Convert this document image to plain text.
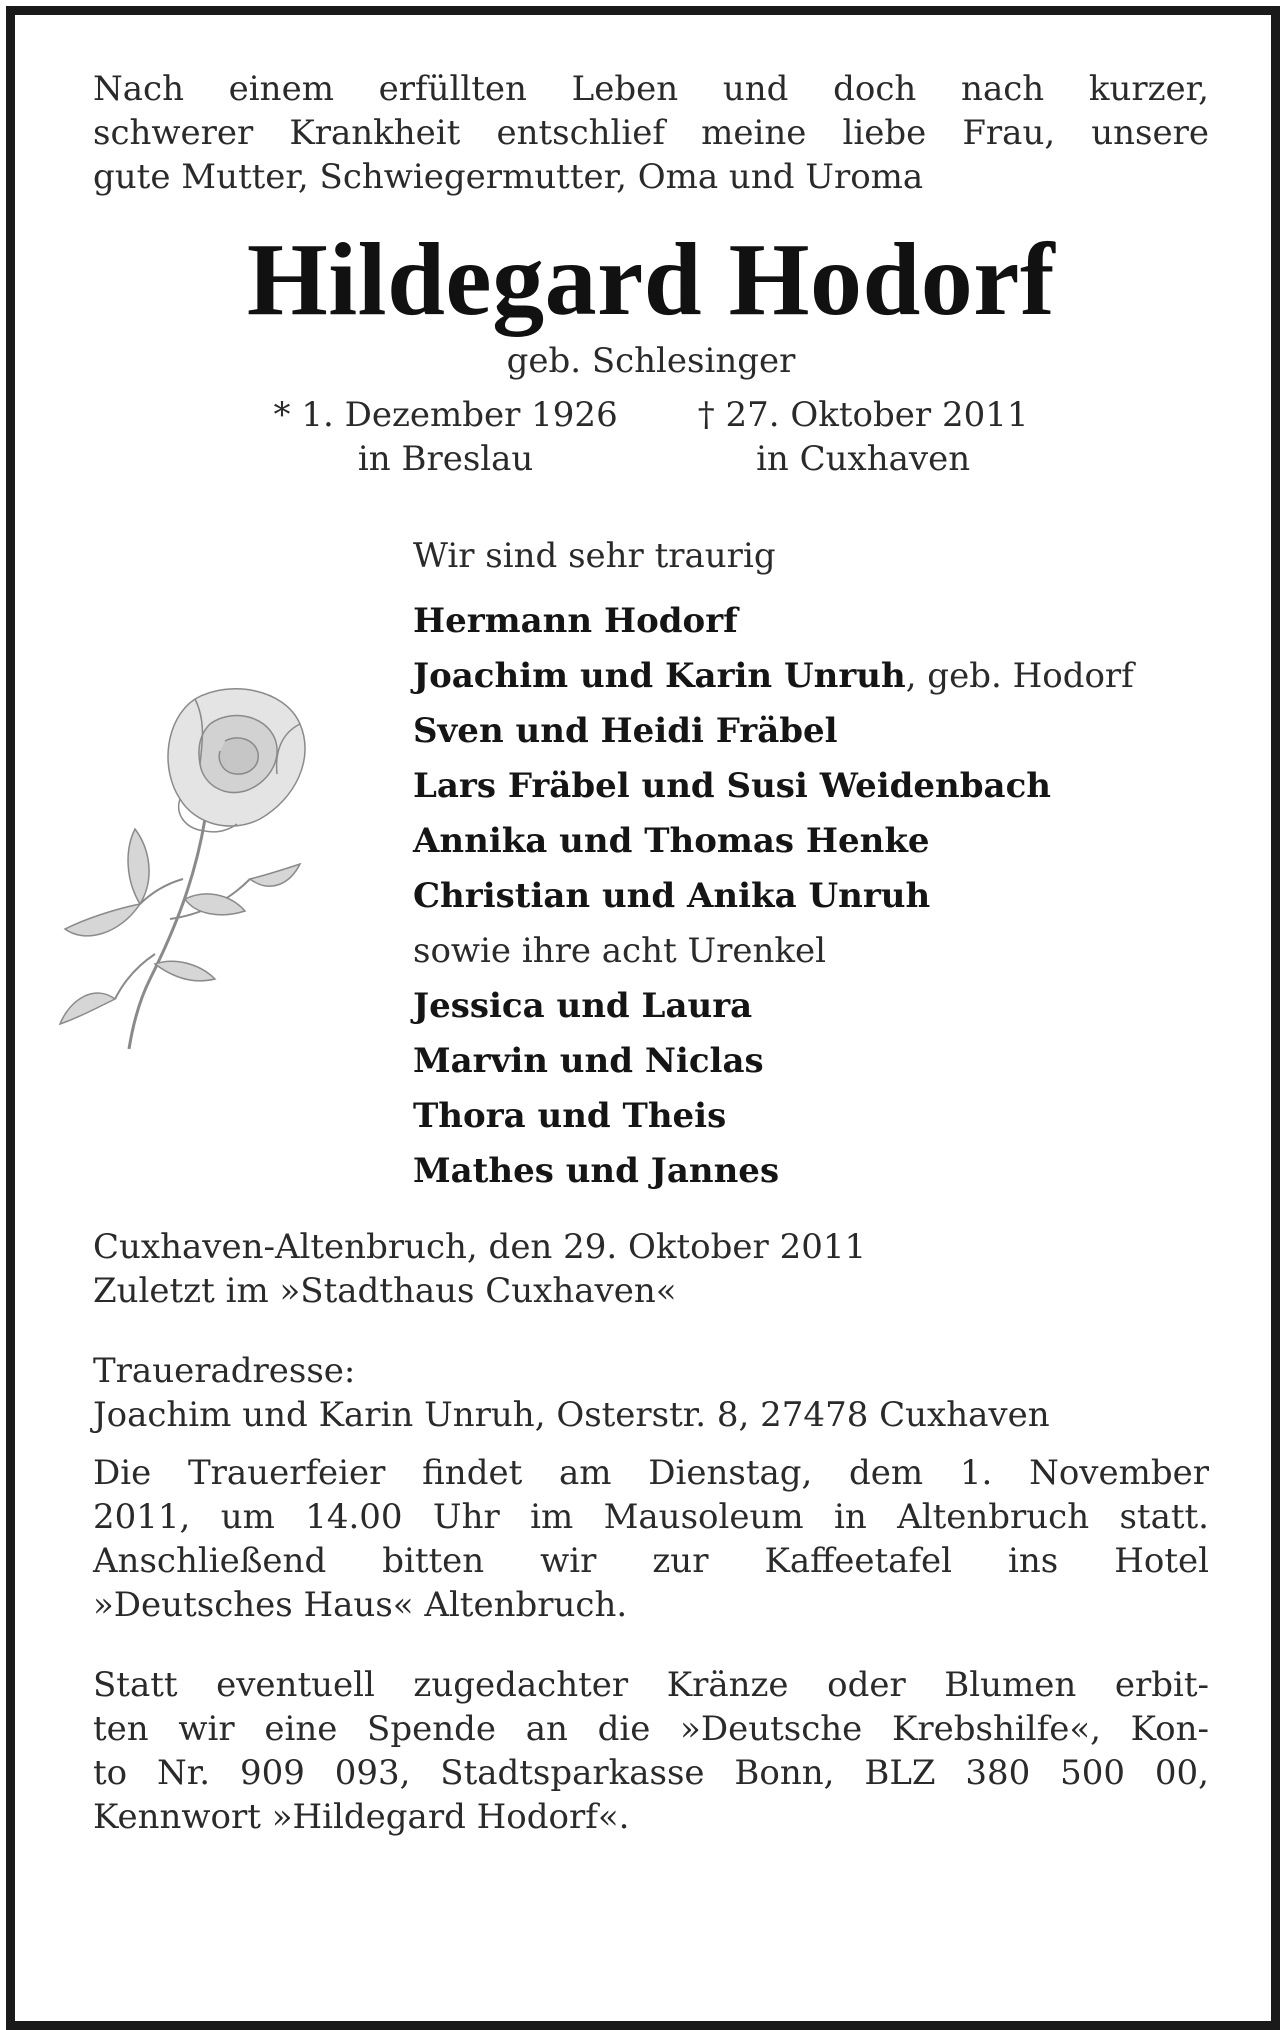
Nach einem erfüllten Leben und doch nach kurzer,
schwerer Krankheit entschlief meine liebe Frau, unsere
gute Mutter, Schwiegermutter, Oma und Uroma

Hildegard Hodorf

geb. Schlesinger

* 1. Dezember 1926
in Breslau
† 27. Oktober 2011
in Cuxhaven

Wir sind sehr traurig

Hermann Hodorf

Joachim und Karin Unruh, geb. Hodorf

Sven und Heidi Fräbel

Lars Fräbel und Susi Weidenbach

Annika und Thomas Henke

Christian und Anika Unruh

sowie ihre acht Urenkel

Jessica und Laura

Marvin und Niclas

Thora und Theis

Mathes und Jannes

Cuxhaven-Altenbruch, den 29. Oktober 2011
Zuletzt im »Stadthaus Cuxhaven«
Traueradresse:
Joachim und Karin Unruh, Osterstr. 8, 27478 Cuxhaven
Die Trauerfeier findet am Dienstag, dem 1. November
2011, um 14.00 Uhr im Mausoleum in Altenbruch statt.
Anschließend bitten wir zur Kaffeetafel ins Hotel
»Deutsches Haus« Altenbruch.
Statt eventuell zugedachter Kränze oder Blumen erbit-
ten wir eine Spende an die »Deutsche Krebshilfe«, Kon-
to Nr. 909 093, Stadtsparkasse Bonn, BLZ 380 500 00,
Kennwort »Hildegard Hodorf«.
